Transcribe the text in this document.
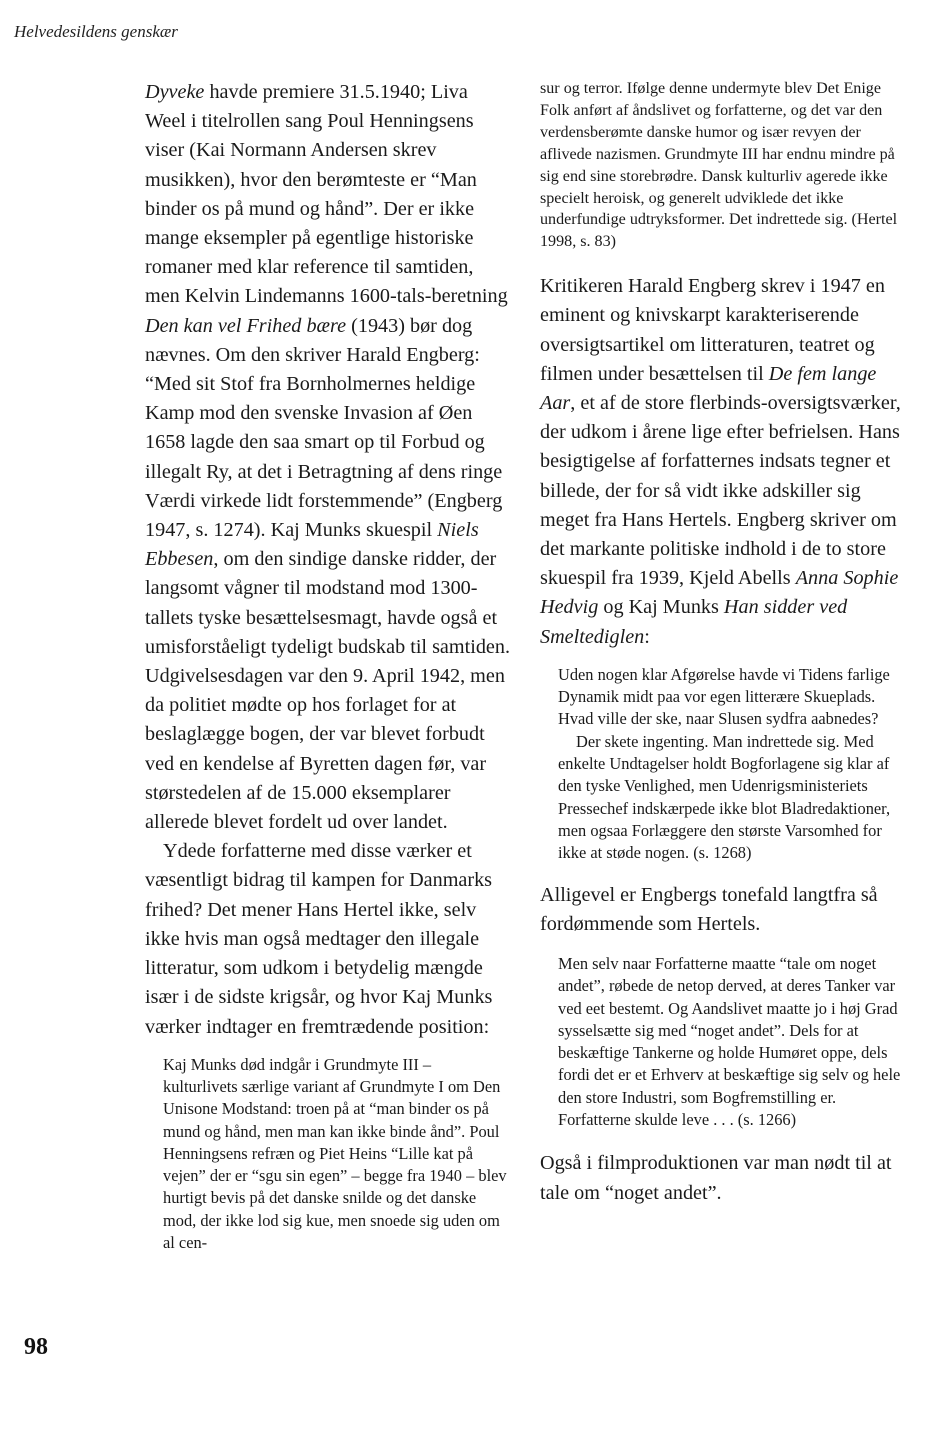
Helvedesildens genskær

Dyveke havde premiere 31.5.1940; Liva Weel i titelrollen sang Poul Henningsens viser (Kai Normann Andersen skrev musikken), hvor den berømteste er “Man binder os på mund og hånd”. Der er ikke mange eksempler på egentlige historiske romaner med klar reference til samtiden, men Kelvin Lindemanns 1600-tals-beretning Den kan vel Frihed bære (1943) bør dog nævnes. Om den skriver Harald Engberg: “Med sit Stof fra Bornholmernes heldige Kamp mod den svenske Invasion af Øen 1658 lagde den saa smart op til Forbud og illegalt Ry, at det i Betragtning af dens ringe Værdi virkede lidt forstemmende” (Engberg 1947, s. 1274). Kaj Munks skuespil Niels Ebbesen, om den sindige danske ridder, der langsomt vågner til modstand mod 1300-tallets tyske besættelsesmagt, havde også et umisforståeligt tydeligt budskab til samtiden. Udgivelsesdagen var den 9. April 1942, men da politiet mødte op hos forlaget for at beslaglægge bogen, der var blevet forbudt ved en kendelse af Byretten dagen før, var størstedelen af de 15.000 eksemplarer allerede blevet fordelt ud over landet.

Ydede forfatterne med disse værker et væsentligt bidrag til kampen for Danmarks frihed? Det mener Hans Hertel ikke, selv ikke hvis man også medtager den illegale litteratur, som udkom i betydelig mængde især i de sidste krigsår, og hvor Kaj Munks værker indtager en fremtrædende position:

Kaj Munks død indgår i Grundmyte III – kulturlivets særlige variant af Grundmyte I om Den Unisone Modstand: troen på at “man binder os på mund og hånd, men man kan ikke binde ånd”. Poul Henningsens refræn og Piet Heins “Lille kat på vejen” der er “sgu sin egen” – begge fra 1940 – blev hurtigt bevis på det danske snilde og det danske mod, der ikke lod sig kue, men snoede sig uden om al cen-

sur og terror. Ifølge denne undermyte blev Det Enige Folk anført af åndslivet og forfatterne, og det var den verdensberømte danske humor og især revyen der aflivede nazismen. Grundmyte III har endnu mindre på sig end sine storebrødre. Dansk kulturliv agerede ikke specielt heroisk, og generelt udviklede det ikke underfundige udtryksformer. Det indrettede sig. (Hertel 1998, s. 83)

Kritikeren Harald Engberg skrev i 1947 en eminent og knivskarpt karakteriserende oversigtsartikel om litteraturen, teatret og filmen under besættelsen til De fem lange Aar, et af de store flerbinds-oversigtsværker, der udkom i årene lige efter befrielsen. Hans besigtigelse af forfatternes indsats tegner et billede, der for så vidt ikke adskiller sig meget fra Hans Hertels. Engberg skriver om det markante politiske indhold i de to store skuespil fra 1939, Kjeld Abells Anna Sophie Hedvig og Kaj Munks Han sidder ved Smeltediglen:

Uden nogen klar Afgørelse havde vi Tidens farlige Dynamik midt paa vor egen litterære Skueplads. Hvad ville der ske, naar Slusen sydfra aabnedes?

Der skete ingenting. Man indrettede sig. Med enkelte Undtagelser holdt Bogforlagene sig klar af den tyske Venlighed, men Udenrigsministeriets Pressechef indskærpede ikke blot Bladredaktioner, men ogsaa Forlæggere den største Varsomhed for ikke at støde nogen. (s. 1268)

Alligevel er Engbergs tonefald langtfra så fordømmende som Hertels.

Men selv naar Forfatterne maatte “tale om noget andet”, røbede de netop derved, at deres Tanker var ved eet bestemt. Og Aandslivet maatte jo i høj Grad sysselsætte sig med “noget andet”. Dels for at beskæftige Tankerne og holde Humøret oppe, dels fordi det er et Erhverv at beskæftige sig selv og hele den store Industri, som Bogfremstilling er. Forfatterne skulde leve . . . (s. 1266)

Også i filmproduktionen var man nødt til at tale om “noget andet”.

98
